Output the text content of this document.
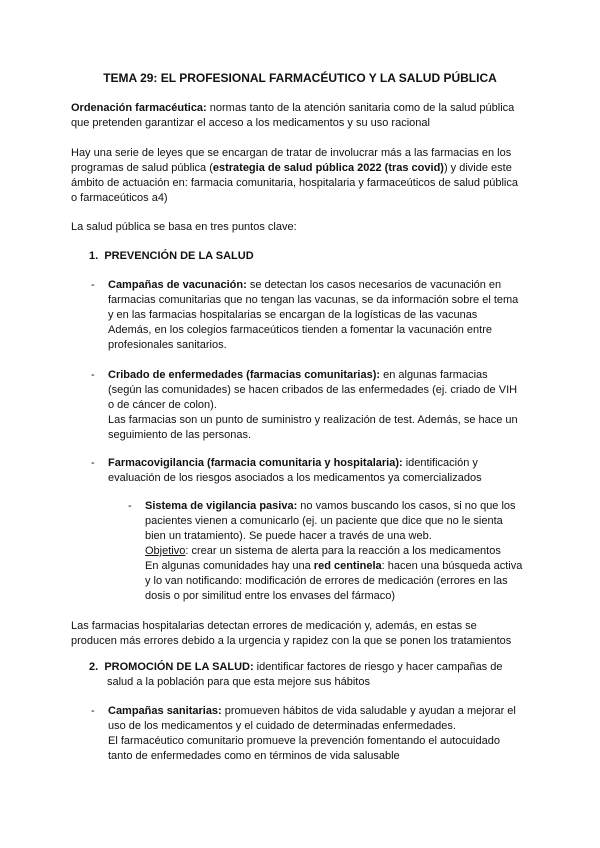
TEMA 29: EL PROFESIONAL FARMACÉUTICO Y LA SALUD PÚBLICA
Ordenación farmacéutica: normas tanto de la atención sanitaria como de la salud pública
que pretenden garantizar el acceso a los medicamentos y su uso racional
Hay una serie de leyes que se encargan de tratar de involucrar más a las farmacias en los
programas de salud pública (estrategia de salud pública 2022 (tras covid)) y divide este
ámbito de actuación en: farmacia comunitaria, hospitalaria y farmaceúticos de salud pública
o farmaceúticos a4)
La salud pública se basa en tres puntos clave:
1. PREVENCIÓN DE LA SALUD
- Campañas de vacunación: se detectan los casos necesarios de vacunación en
farmacias comunitarias que no tengan las vacunas, se da información sobre el tema
y en las farmacias hospitalarias se encargan de la logísticas de las vacunas
Además, en los colegios farmaceúticos tienden a fomentar la vacunación entre
profesionales sanitarios.
- Cribado de enfermedades (farmacias comunitarias): en algunas farmacias
(según las comunidades) se hacen cribados de las enfermedades (ej. criado de VIH
o de cáncer de colon).
Las farmacias son un punto de suministro y realización de test. Además, se hace un
seguimiento de las personas.
- Farmacovigilancia (farmacia comunitaria y hospitalaria): identificación y
evaluación de los riesgos asociados a los medicamentos ya comercializados
- Sistema de vigilancia pasiva: no vamos buscando los casos, si no que los
pacientes vienen a comunicarlo (ej. un paciente que dice que no le sienta
bien un tratamiento). Se puede hacer a través de una web.
Objetivo: crear un sistema de alerta para la reacción a los medicamentos
En algunas comunidades hay una red centinela: hacen una búsqueda activa
y lo van notificando: modificación de errores de medicación (errores en las
dosis o por similitud entre los envases del fármaco)
Las farmacias hospitalarias detectan errores de medicación y, además, en estas se
producen más errores debido a la urgencia y rapidez con la que se ponen los tratamientos
2. PROMOCIÓN DE LA SALUD: identificar factores de riesgo y hacer campañas de
salud a la población para que esta mejore sus hábitos
- Campañas sanitarias: promueven hábitos de vida saludable y ayudan a mejorar el
uso de los medicamentos y el cuidado de determinadas enfermedades.
El farmacéutico comunitario promueve la prevención fomentando el autocuidado
tanto de enfermedades como en términos de vida salusable
